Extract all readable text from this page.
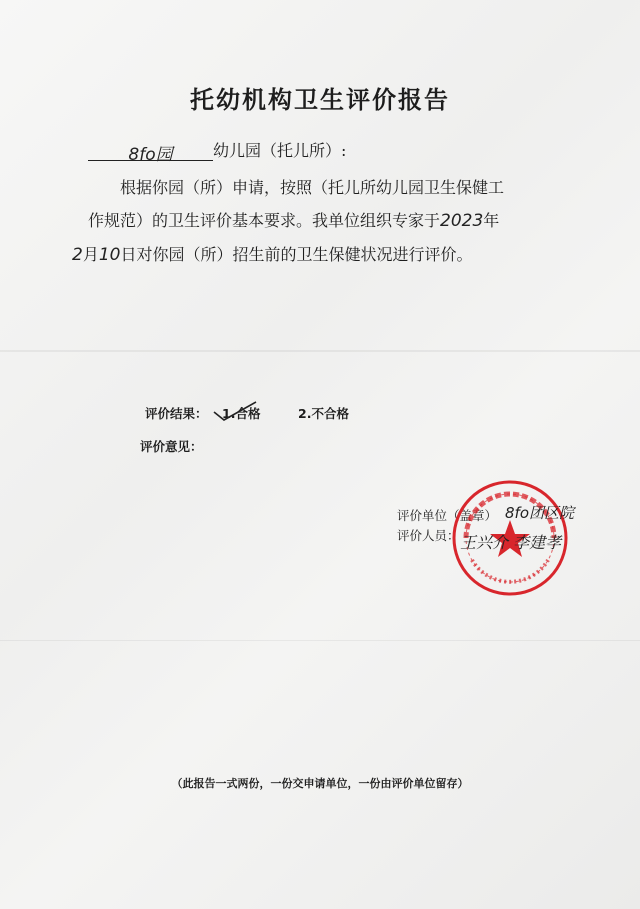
托幼机构卫生评价报告
8fo园	幼儿园（托儿所）:
根据你园（所）申请，按照（托儿所幼儿园卫生保健工
作规范）的卫生评价基本要求。我单位组织专家于2023年
2月10日对你园（所）招生前的卫生保健状况进行评价。
评价结果： 1.合格	2.不合格
评价意见：
评价单位（盖章）
评价人员：
8fo团区院
王兴介 李建孝
（此报告一式两份，一份交申请单位，一份由评价单位留存）
